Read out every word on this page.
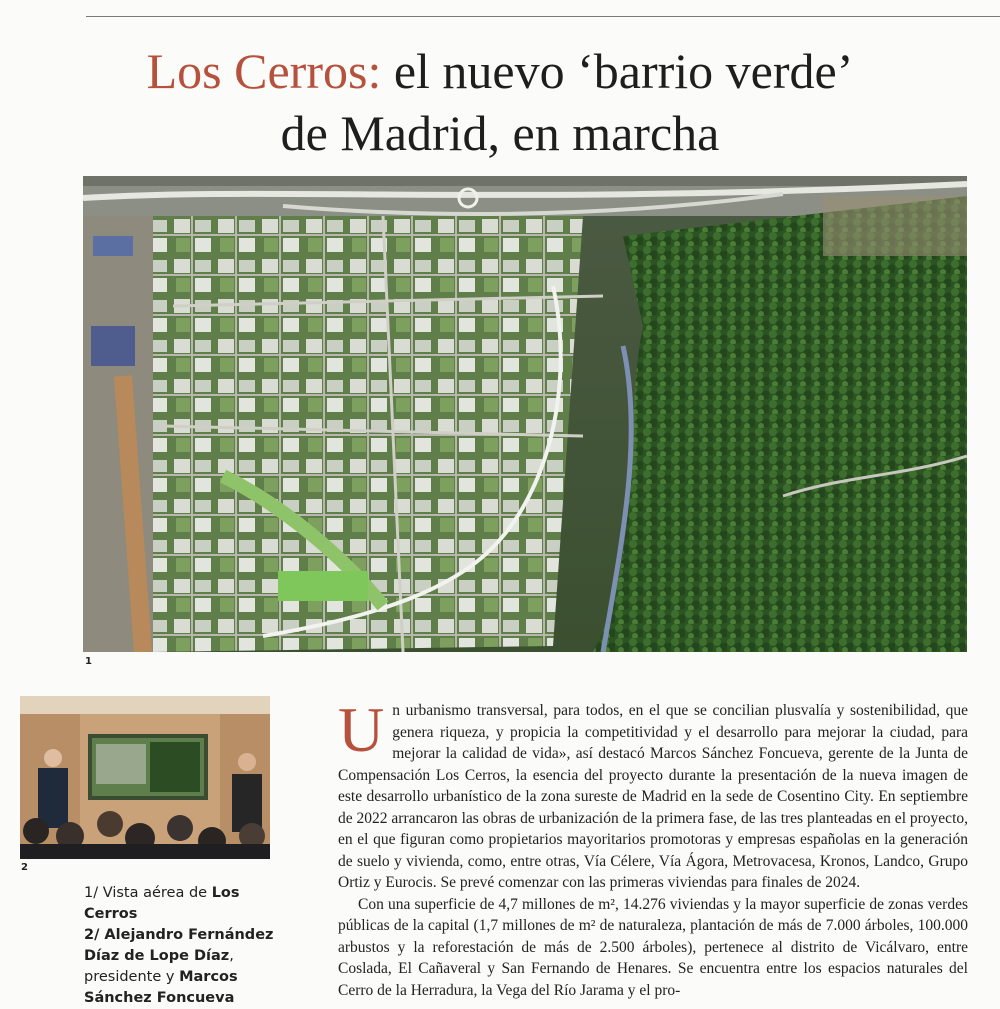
Los Cerros: el nuevo ‘barrio verde’
de Madrid, en marcha
1
2
1/ Vista aérea de Los
Cerros
2/ Alejandro Fernández
Díaz de Lope Díaz,
presidente y Marcos
Sánchez Foncueva

Un urbanismo transversal, para todos, en el que se concilian plusvalía y sostenibilidad, que genera riqueza, y propicia la competitividad y el desarrollo para mejorar la ciudad, para mejorar la calidad de vida», así destacó Marcos Sánchez Foncueva, gerente de la Junta de Compensación Los Cerros, la esencia del proyecto durante la presentación de la nueva imagen de este desarrollo urbanístico de la zona sureste de Madrid en la sede de Cosentino City. En septiembre de 2022 arrancaron las obras de urbanización de la primera fase, de las tres planteadas en el proyecto, en el que figuran como propietarios mayoritarios promotoras y empresas españolas en la generación de suelo y vivienda, como, entre otras, Vía Célere, Vía Ágora, Metrovacesa, Kronos, Landco, Grupo Ortiz y Eurocis. Se prevé comenzar con las primeras viviendas para finales de 2024.

Con una superficie de 4,7 millones de m², 14.276 viviendas y la mayor superficie de zonas verdes públicas de la capital (1,7 millones de m² de naturaleza, plantación de más de 7.000 árboles, 100.000 arbustos y la reforestación de más de 2.500 árboles), pertenece al distrito de Vicálvaro, entre Coslada, El Cañaveral y San Fernando de Henares. Se encuentra entre los espacios naturales del Cerro de la Herradura, la Vega del Río Jarama y el pro-
